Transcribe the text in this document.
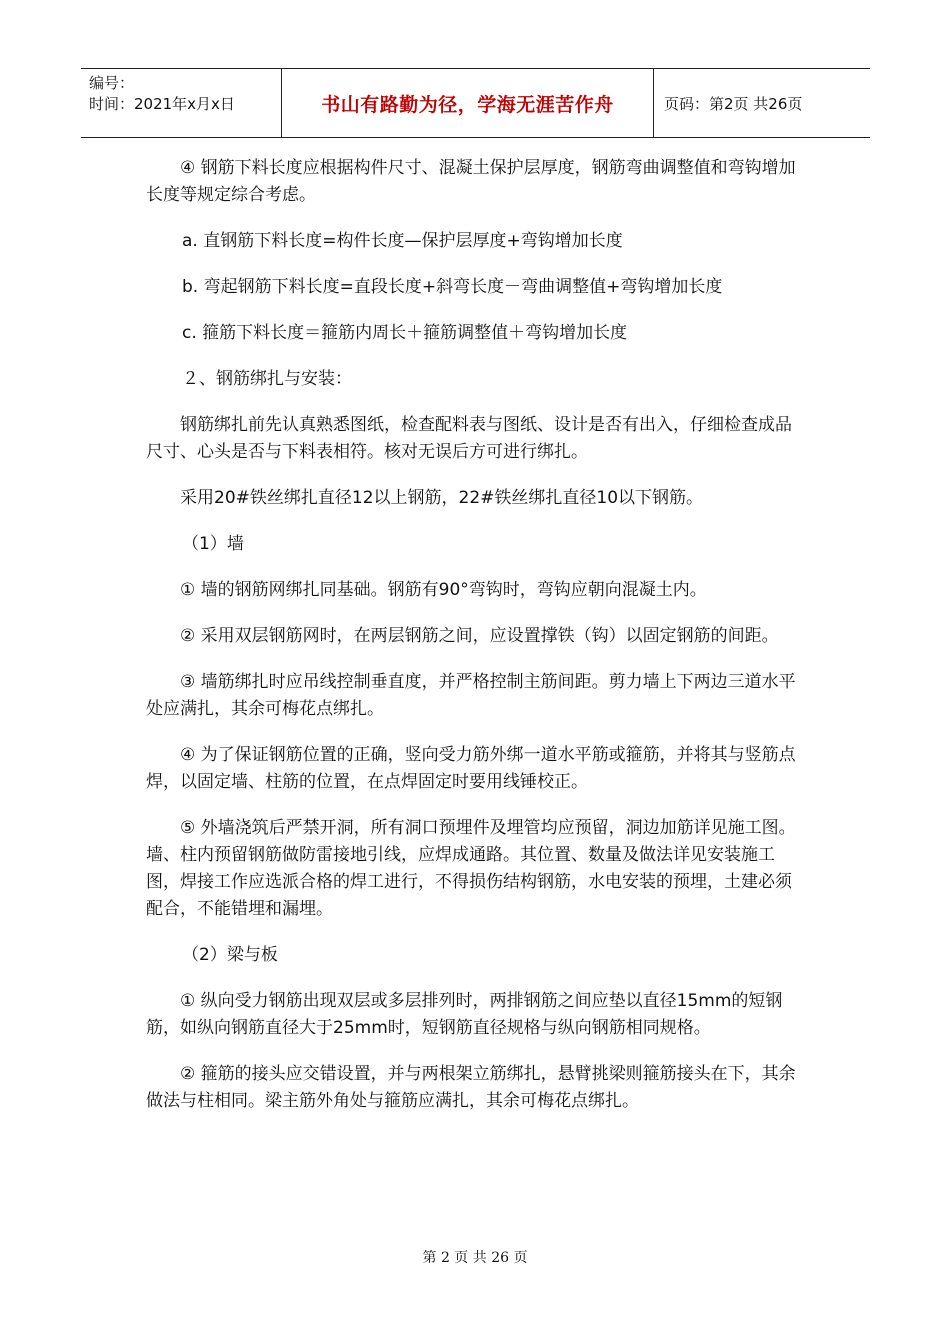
编号：
时间：2021年x月x日	书山有路勤为径，学海无涯苦作舟	页码：第2页 共26页

④ 钢筋下料长度应根据构件尺寸、混凝土保护层厚度，钢筋弯曲调整值和弯钩增加长度等规定综合考虑。

a. 直钢筋下料长度=构件长度—保护层厚度+弯钩增加长度

b. 弯起钢筋下料长度=直段长度+斜弯长度－弯曲调整值+弯钩增加长度

c. 箍筋下料长度＝箍筋内周长＋箍筋调整值＋弯钩增加长度

２、钢筋绑扎与安装：

钢筋绑扎前先认真熟悉图纸，检查配料表与图纸、设计是否有出入，仔细检查成品尺寸、心头是否与下料表相符。核对无误后方可进行绑扎。

采用20#铁丝绑扎直径12以上钢筋，22#铁丝绑扎直径10以下钢筋。

（1）墙

① 墙的钢筋网绑扎同基础。钢筋有90°弯钩时，弯钩应朝向混凝土内。

② 采用双层钢筋网时，在两层钢筋之间，应设置撑铁（钩）以固定钢筋的间距。

③ 墙筋绑扎时应吊线控制垂直度，并严格控制主筋间距。剪力墙上下两边三道水平处应满扎，其余可梅花点绑扎。

④ 为了保证钢筋位置的正确，竖向受力筋外绑一道水平筋或箍筋，并将其与竖筋点焊，以固定墙、柱筋的位置，在点焊固定时要用线锤校正。

⑤ 外墙浇筑后严禁开洞，所有洞口预埋件及埋管均应预留，洞边加筋详见施工图。墙、柱内预留钢筋做防雷接地引线，应焊成通路。其位置、数量及做法详见安装施工图，焊接工作应选派合格的焊工进行，不得损伤结构钢筋，水电安装的预埋，土建必须配合，不能错埋和漏埋。

（2）梁与板

① 纵向受力钢筋出现双层或多层排列时，两排钢筋之间应垫以直径15mm的短钢筋，如纵向钢筋直径大于25mm时，短钢筋直径规格与纵向钢筋相同规格。

② 箍筋的接头应交错设置，并与两根架立筋绑扎，悬臂挑梁则箍筋接头在下，其余做法与柱相同。梁主筋外角处与箍筋应满扎，其余可梅花点绑扎。

第 2 页 共 26 页
